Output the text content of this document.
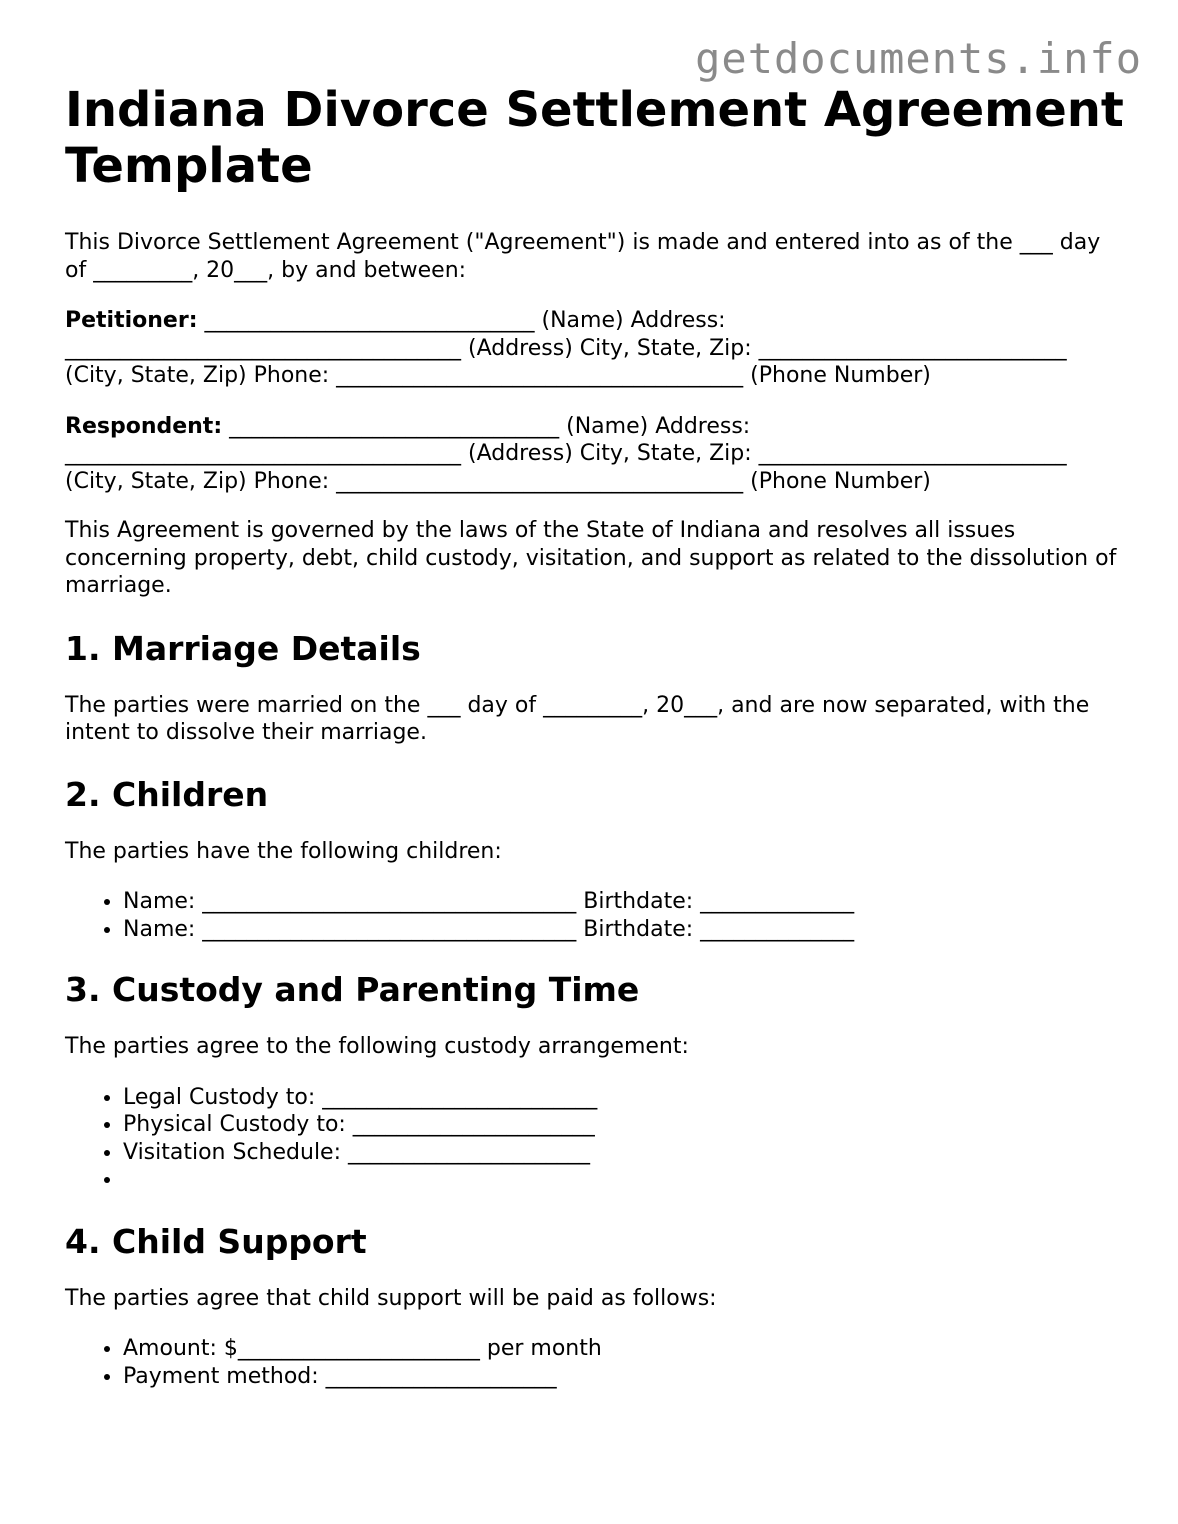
getdocuments.info
Indiana Divorce Settlement Agreement Template

This Divorce Settlement Agreement ("Agreement") is made and entered into as of the ___ day of _________, 20___, by and between:

Petitioner: ______________________________ (Name) Address: ____________________________________ (Address) City, State, Zip: ____________________________ (City, State, Zip) Phone: _____________________________________ (Phone Number)

Respondent: ______________________________ (Name) Address: ____________________________________ (Address) City, State, Zip: ____________________________ (City, State, Zip) Phone: _____________________________________ (Phone Number)

This Agreement is governed by the laws of the State of Indiana and resolves all issues concerning property, debt, child custody, visitation, and support as related to the dissolution of marriage.

1. Marriage Details

The parties were married on the ___ day of _________, 20___, and are now separated, with the intent to dissolve their marriage.

2. Children

The parties have the following children:

• Name: __________________________________ Birthdate: ______________
• Name: __________________________________ Birthdate: ______________
3. Custody and Parenting Time

The parties agree to the following custody arrangement:

• Legal Custody to: _________________________
• Physical Custody to: ______________________
• Visitation Schedule: ______________________
•
4. Child Support

The parties agree that child support will be paid as follows:

• Amount: $______________________ per month
• Payment method: _____________________
